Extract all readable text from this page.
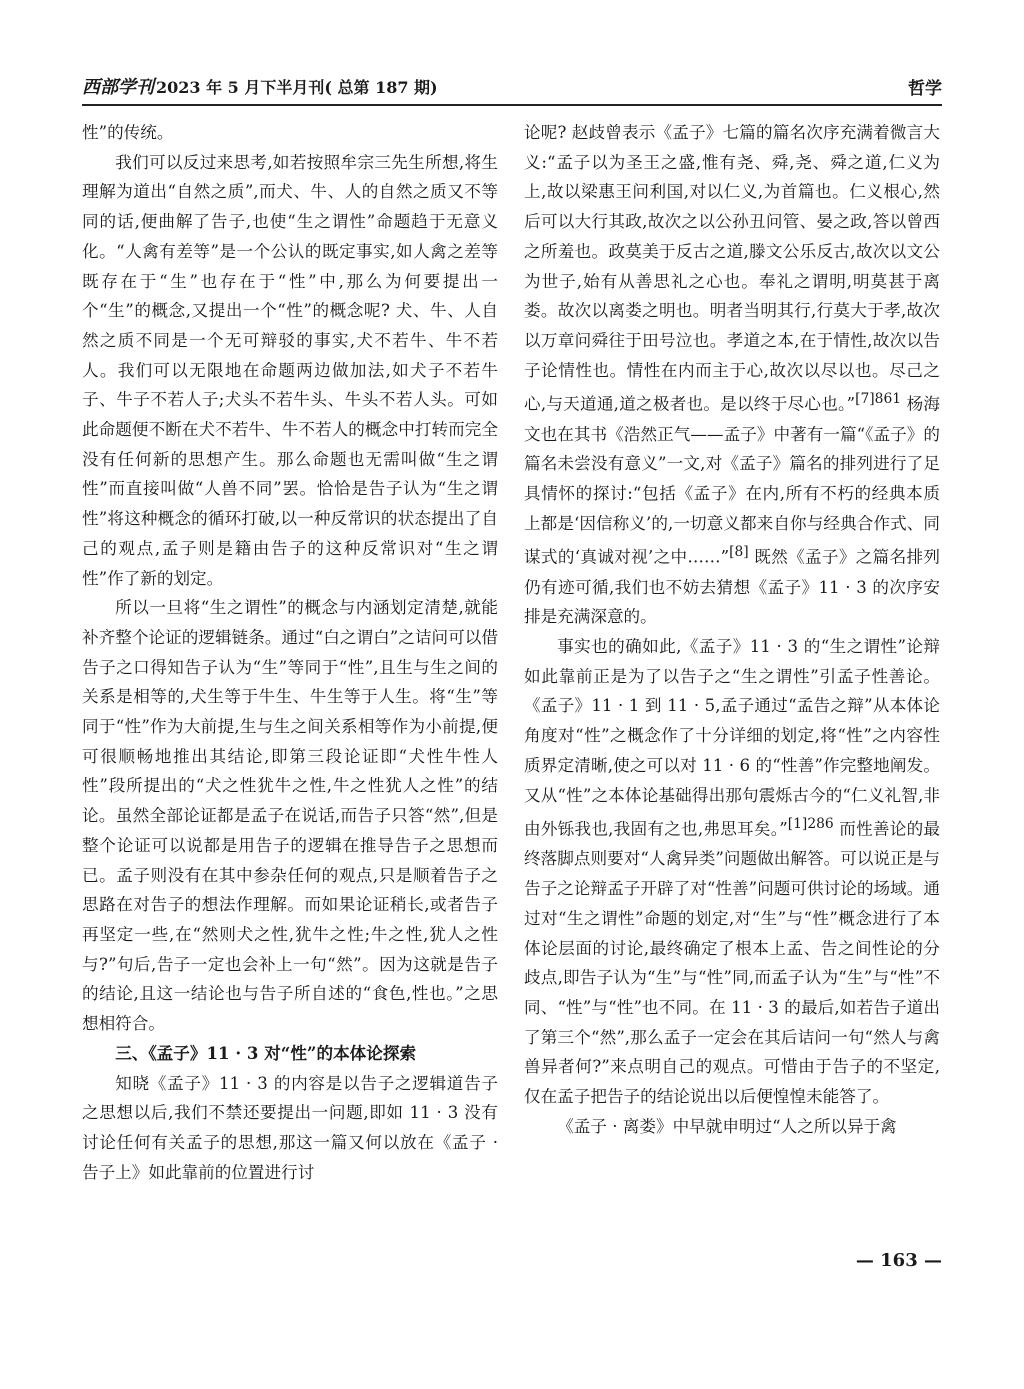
西部学刊 2023 年 5 月下半月刊( 总第 187 期)	哲学

性”的传统。

我们可以反过来思考,如若按照牟宗三先生所想,将生理解为道出“自然之质”,而犬、牛、人的自然之质又不等同的话,便曲解了告子,也使“生之谓性”命题趋于无意义化。“人禽有差等”是一个公认的既定事实,如人禽之差等既存在于“生”也存在于“性”中,那么为何要提出一个“生”的概念,又提出一个“性”的概念呢? 犬、牛、人自然之质不同是一个无可辩驳的事实,犬不若牛、牛不若人。我们可以无限地在命题两边做加法,如犬子不若牛子、牛子不若人子;犬头不若牛头、牛头不若人头。可如此命题便不断在犬不若牛、牛不若人的概念中打转而完全没有任何新的思想产生。那么命题也无需叫做“生之谓性”而直接叫做“人兽不同”罢。恰恰是告子认为“生之谓性”将这种概念的循环打破,以一种反常识的状态提出了自己的观点,孟子则是籍由告子的这种反常识对“生之谓性”作了新的划定。

所以一旦将“生之谓性”的概念与内涵划定清楚,就能补齐整个论证的逻辑链条。通过“白之谓白”之诘问可以借告子之口得知告子认为“生”等同于“性”,且生与生之间的关系是相等的,犬生等于牛生、牛生等于人生。将“生”等同于“性”作为大前提,生与生之间关系相等作为小前提,便可很顺畅地推出其结论,即第三段论证即“犬性牛性人性”段所提出的“犬之性犹牛之性,牛之性犹人之性”的结论。虽然全部论证都是孟子在说话,而告子只答“然”,但是整个论证可以说都是用告子的逻辑在推导告子之思想而已。孟子则没有在其中参杂任何的观点,只是顺着告子之思路在对告子的想法作理解。而如果论证稍长,或者告子再坚定一些,在“然则犬之性,犹牛之性;牛之性,犹人之性与?”句后,告子一定也会补上一句“然”。因为这就是告子的结论,且这一结论也与告子所自述的“食色,性也。”之思想相符合。

三、《孟子》11 · 3 对“性”的本体论探索

知晓《孟子》11 · 3 的内容是以告子之逻辑道告子之思想以后,我们不禁还要提出一问题,即如 11 · 3 没有讨论任何有关孟子的思想,那这一篇又何以放在《孟子 · 告子上》如此靠前的位置进行讨

论呢? 赵歧曾表示《孟子》七篇的篇名次序充满着微言大义:“孟子以为圣王之盛,惟有尧、舜,尧、舜之道,仁义为上,故以梁惠王问利国,对以仁义,为首篇也。仁义根心,然后可以大行其政,故次之以公孙丑问管、晏之政,答以曾西之所羞也。政莫美于反古之道,滕文公乐反古,故次以文公为世子,始有从善思礼之心也。奉礼之谓明,明莫甚于离娄。故次以离娄之明也。明者当明其行,行莫大于孝,故次以万章问舜往于田号泣也。孝道之本,在于情性,故次以告子论情性也。情性在内而主于心,故次以尽以也。尽己之心,与天道通,道之极者也。是以终于尽心也。”$^{[7]861}$ 杨海文也在其书《浩然正气——孟子》中著有一篇“《孟子》的篇名未尝没有意义”一文,对《孟子》篇名的排列进行了足具情怀的探讨:“包括《孟子》在内,所有不朽的经典本质上都是‘因信称义’的,一切意义都来自你与经典合作式、同谋式的‘真诚对视’之中……”[8] 既然《孟子》之篇名排列仍有迹可循,我们也不妨去猜想《孟子》11 · 3 的次序安排是充满深意的。

事实也的确如此,《孟子》11 · 3 的“生之谓性”论辩如此靠前正是为了以告子之“生之谓性”引孟子性善论。《孟子》11 · 1 到 11 · 5,孟子通过“孟告之辩”从本体论角度对“性”之概念作了十分详细的划定,将“性”之内容性质界定清晰,使之可以对 11 · 6 的“性善”作完整地阐发。又从“性”之本体论基础得出那句震烁古今的“仁义礼智,非由外铄我也,我固有之也,弗思耳矣。”$^{[1]286}$ 而性善论的最终落脚点则要对“人禽异类”问题做出解答。可以说正是与告子之论辩孟子开辟了对“性善”问题可供讨论的场域。通过对“生之谓性”命题的划定,对“生”与“性”概念进行了本体论层面的讨论,最终确定了根本上孟、告之间性论的分歧点,即告子认为“生”与“性”同,而孟子认为“生”与“性”不同、“性”与“性”也不同。在 11 · 3 的最后,如若告子道出了第三个“然”,那么孟子一定会在其后诘问一句“然人与禽兽异者何?”来点明自己的观点。可惜由于告子的不坚定,仅在孟子把告子的结论说出以后便惶惶未能答了。

《孟子 · 离娄》中早就申明过“人之所以异于禽

— 163 —
